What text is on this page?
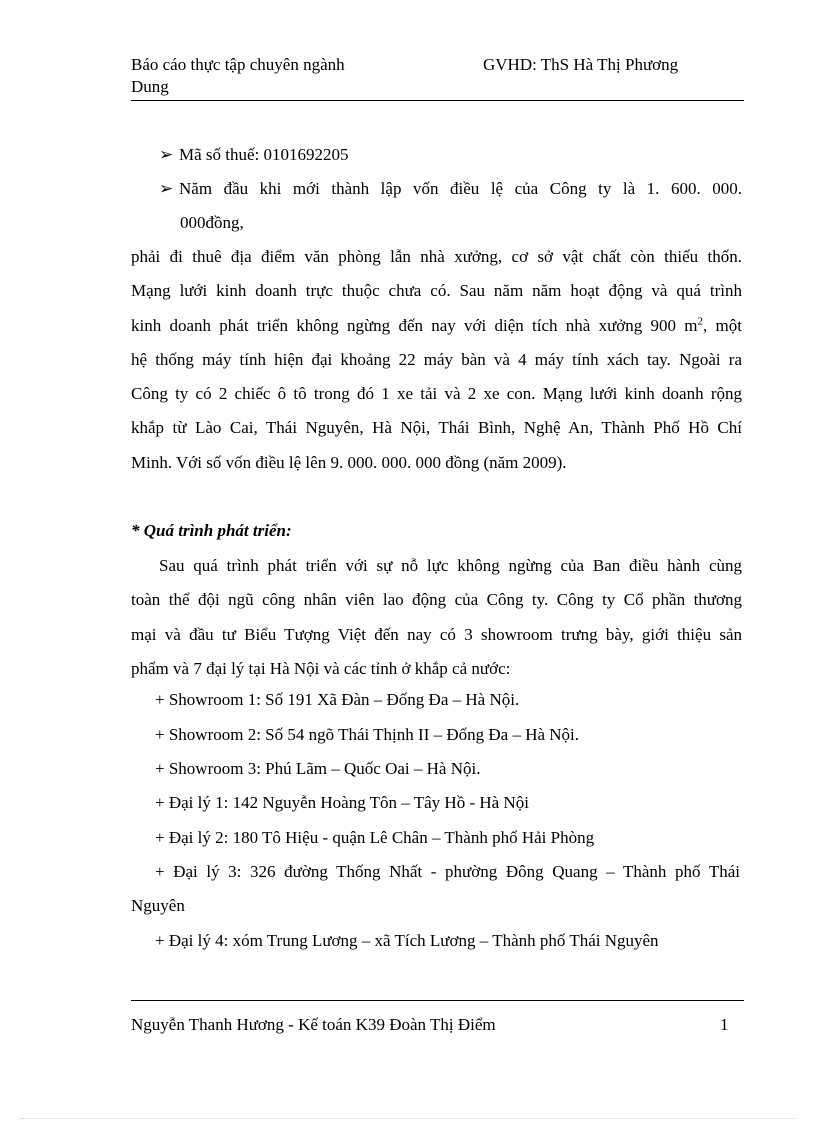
Báo cáo thực tập chuyên ngành
Dung
GVHD: ThS Hà Thị Phương
➢ Mã số thuế: 0101692205
➢ Năm đầu khi mới thành lập vốn điều lệ của Công ty là 1. 600. 000.
000đồng,
phải đi thuê địa điểm văn phòng lẫn nhà xưởng, cơ sở vật chất còn thiếu thốn.
Mạng lưới kinh doanh trực thuộc chưa có. Sau năm năm hoạt động và quá trình
kinh doanh phát triển không ngừng đến nay với diện tích nhà xưởng 900 $m^2$, một
hệ thống máy tính hiện đại khoảng 22 máy bàn và 4 máy tính xách tay. Ngoài ra
Công ty có 2 chiếc ô tô trong đó 1 xe tải và 2 xe con. Mạng lưới kinh doanh rộng
khắp từ Lào Cai, Thái Nguyên, Hà Nội, Thái Bình, Nghệ An, Thành Phố Hồ Chí
Minh. Với số vốn điều lệ lên 9. 000. 000. 000 đồng (năm 2009).
* Quá trình phát triển:
Sau quá trình phát triển với sự nỗ lực không ngừng của Ban điều hành cùng
toàn thể đội ngũ công nhân viên lao động của Công ty. Công ty Cổ phần thương
mại và đầu tư Biểu Tượng Việt đến nay có 3 showroom trưng bày, giới thiệu sản
phẩm và 7 đại lý tại Hà Nội và các tỉnh ở khắp cả nước:
+ Showroom 1: Số 191 Xã Đàn – Đống Đa – Hà Nội.
+ Showroom 2: Số 54 ngõ Thái Thịnh II – Đống Đa – Hà Nội.
+ Showroom 3: Phú Lãm – Quốc Oai – Hà Nội.
+ Đại lý 1: 142 Nguyễn Hoàng Tôn – Tây Hồ - Hà Nội
+ Đại lý 2: 180 Tô Hiệu - quận Lê Chân – Thành phố Hải Phòng
+ Đại lý 3: 326 đường Thống Nhất - phường Đông Quang – Thành phố Thái
Nguyên
+ Đại lý 4: xóm Trung Lương – xã Tích Lương – Thành phố Thái Nguyên
Nguyễn Thanh Hương - Kế toán K39 Đoàn Thị Điểm	1
